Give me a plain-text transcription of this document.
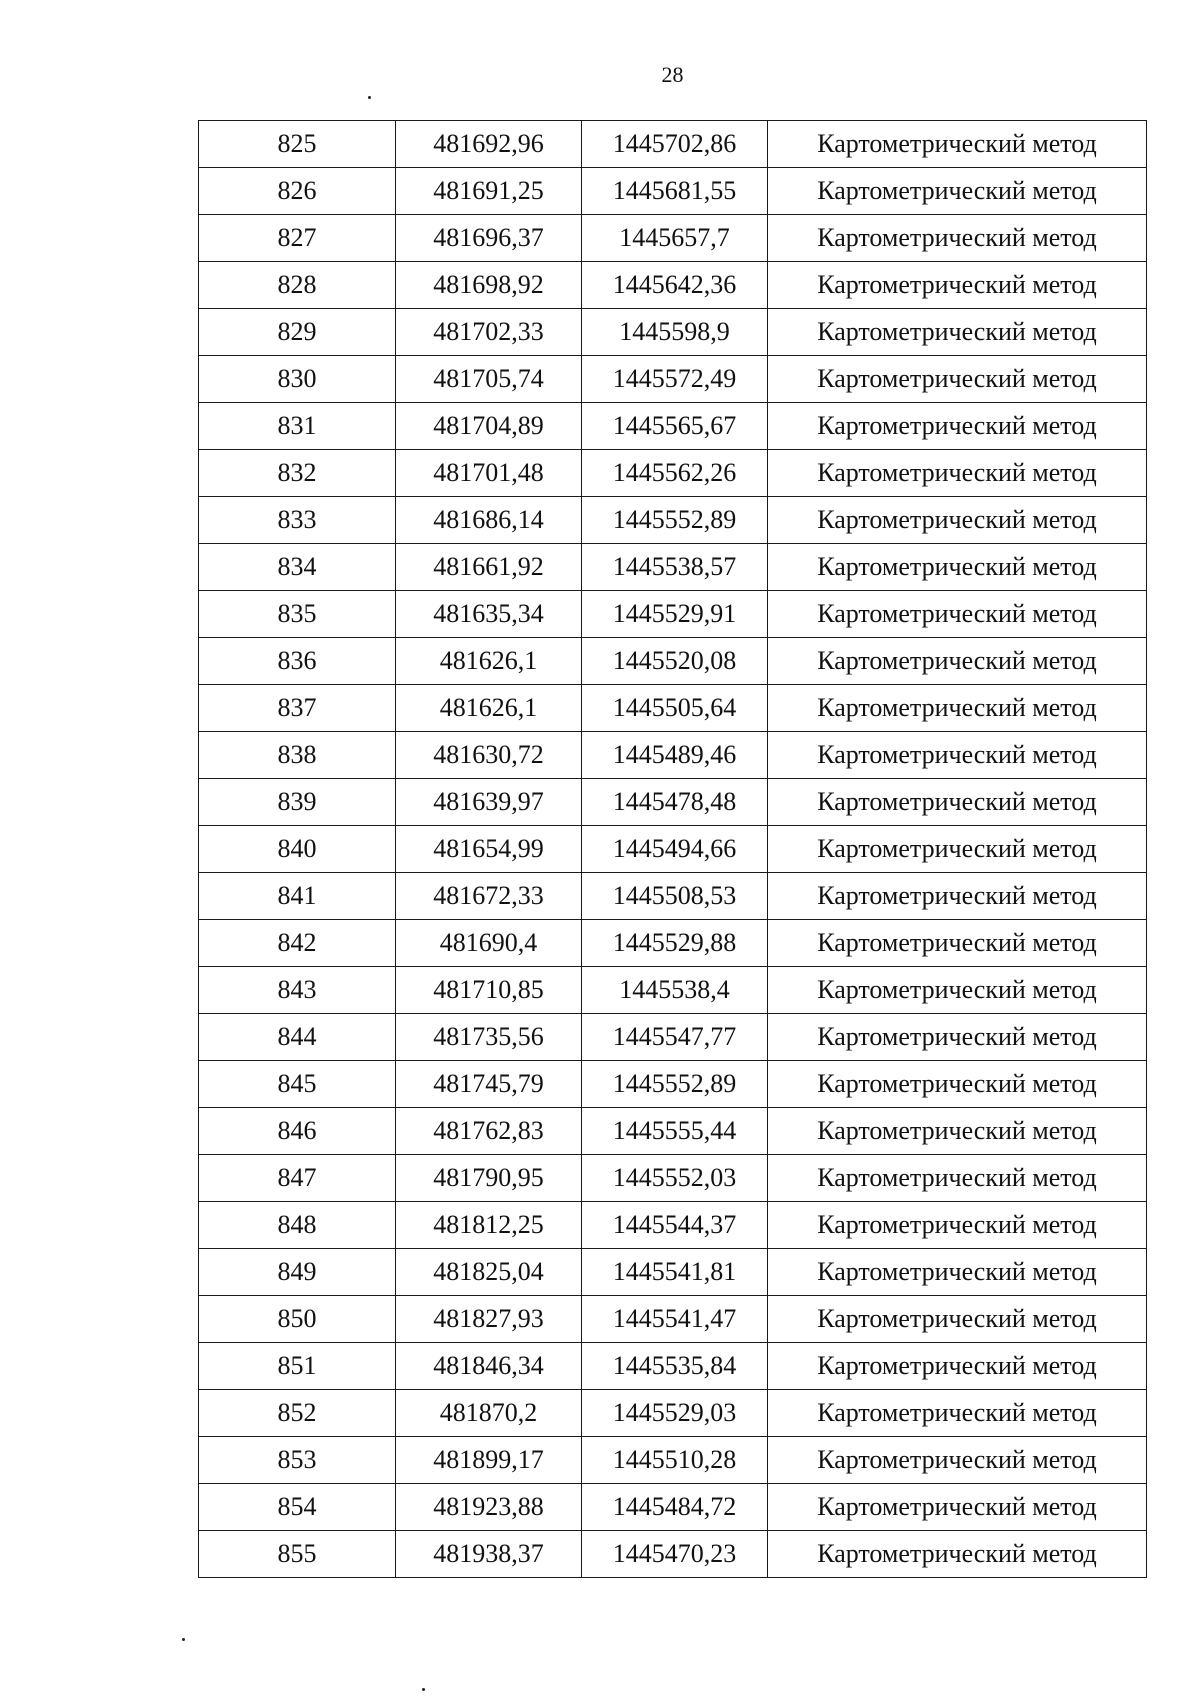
28
825	481692,96	1445702,86	Картометрический метод
826	481691,25	1445681,55	Картометрический метод
827	481696,37	1445657,7	Картометрический метод
828	481698,92	1445642,36	Картометрический метод
829	481702,33	1445598,9	Картометрический метод
830	481705,74	1445572,49	Картометрический метод
831	481704,89	1445565,67	Картометрический метод
832	481701,48	1445562,26	Картометрический метод
833	481686,14	1445552,89	Картометрический метод
834	481661,92	1445538,57	Картометрический метод
835	481635,34	1445529,91	Картометрический метод
836	481626,1	1445520,08	Картометрический метод
837	481626,1	1445505,64	Картометрический метод
838	481630,72	1445489,46	Картометрический метод
839	481639,97	1445478,48	Картометрический метод
840	481654,99	1445494,66	Картометрический метод
841	481672,33	1445508,53	Картометрический метод
842	481690,4	1445529,88	Картометрический метод
843	481710,85	1445538,4	Картометрический метод
844	481735,56	1445547,77	Картометрический метод
845	481745,79	1445552,89	Картометрический метод
846	481762,83	1445555,44	Картометрический метод
847	481790,95	1445552,03	Картометрический метод
848	481812,25	1445544,37	Картометрический метод
849	481825,04	1445541,81	Картометрический метод
850	481827,93	1445541,47	Картометрический метод
851	481846,34	1445535,84	Картометрический метод
852	481870,2	1445529,03	Картометрический метод
853	481899,17	1445510,28	Картометрический метод
854	481923,88	1445484,72	Картометрический метод
855	481938,37	1445470,23	Картометрический метод
